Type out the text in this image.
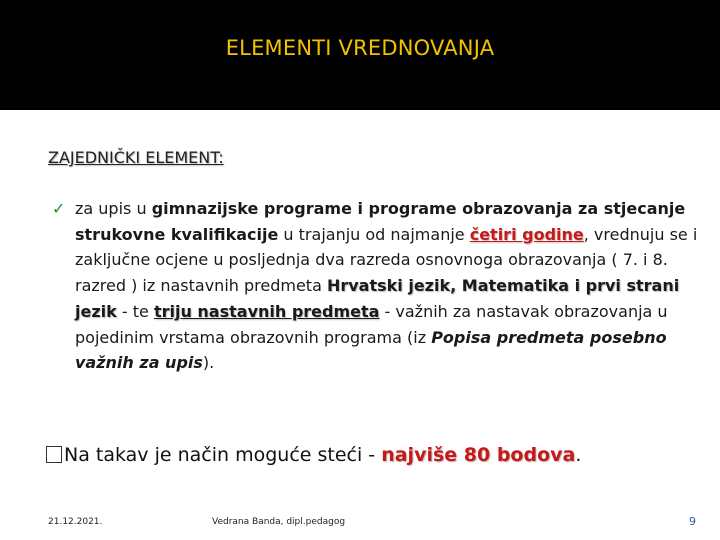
ELEMENTI VREDNOVANJA
ZAJEDNIČKI ELEMENT:
✓ za upis u gimnazijske programe i programe obrazovanja za stjecanje strukovne kvalifikacije u trajanju od najmanje četiri godine, vrednuju se i zaključne ocjene u posljednja dva razreda osnovnoga obrazovanja ( 7. i 8. razred ) iz nastavnih predmeta Hrvatski jezik, Matematika i prvi strani jezik - te triju nastavnih predmeta - važnih za nastavak obrazovanja u pojedinim vrstama obrazovnih programa (iz Popisa predmeta posebno važnih za upis).
Na takav je način moguće steći - najviše 80 bodova.
21.12.2021.	Vedrana Banda, dipl.pedagog	9
